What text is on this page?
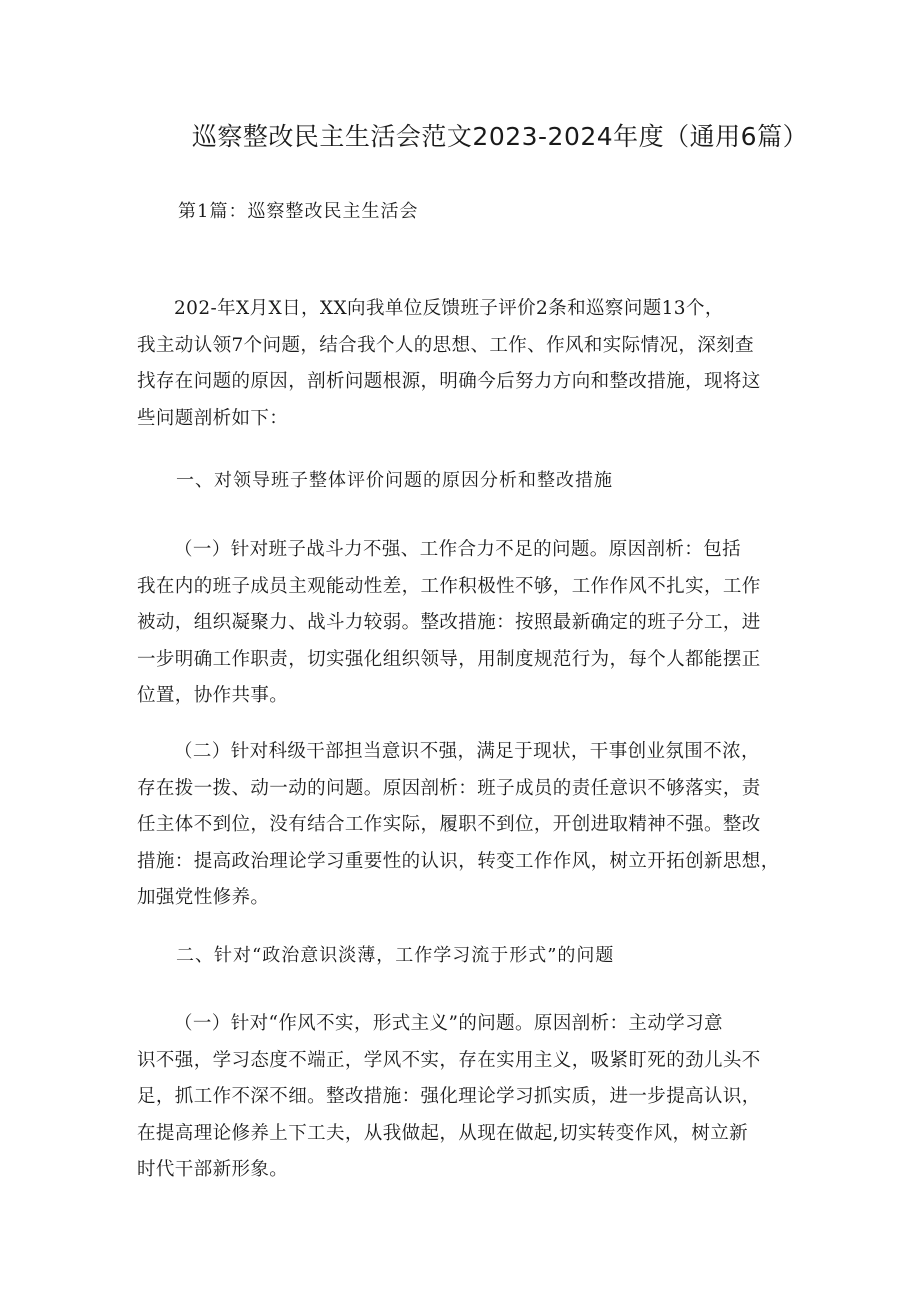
巡察整改民主生活会范文2023-2024年度（通用6篇）

第1篇：巡察整改民主生活会

202-年X月X日，XX向我单位反馈班子评价2条和巡察问题13个，
我主动认领7个问题，结合我个人的思想、工作、作风和实际情况，深刻查
找存在问题的原因，剖析问题根源，明确今后努力方向和整改措施，现将这
些问题剖析如下：

一、对领导班子整体评价问题的原因分析和整改措施

（一）针对班子战斗力不强、工作合力不足的问题。原因剖析：包括
我在内的班子成员主观能动性差，工作积极性不够，工作作风不扎实，工作
被动，组织凝聚力、战斗力较弱。整改措施：按照最新确定的班子分工，进
一步明确工作职责，切实强化组织领导，用制度规范行为，每个人都能摆正
位置，协作共事。
（二）针对科级干部担当意识不强，满足于现状，干事创业氛围不浓，
存在拨一拨、动一动的问题。原因剖析：班子成员的责任意识不够落实，责
任主体不到位，没有结合工作实际，履职不到位，开创进取精神不强。整改
措施：提高政治理论学习重要性的认识，转变工作作风，树立开拓创新思想，
加强党性修养。

二、针对“政治意识淡薄，工作学习流于形式”的问题

（一）针对“作风不实，形式主义”的问题。原因剖析：主动学习意
识不强，学习态度不端正，学风不实，存在实用主义，吸紧盯死的劲儿头不
足，抓工作不深不细。整改措施：强化理论学习抓实质，进一步提高认识，
在提高理论修养上下工夫，从我做起，从现在做起,切实转变作风，树立新
时代干部新形象。
